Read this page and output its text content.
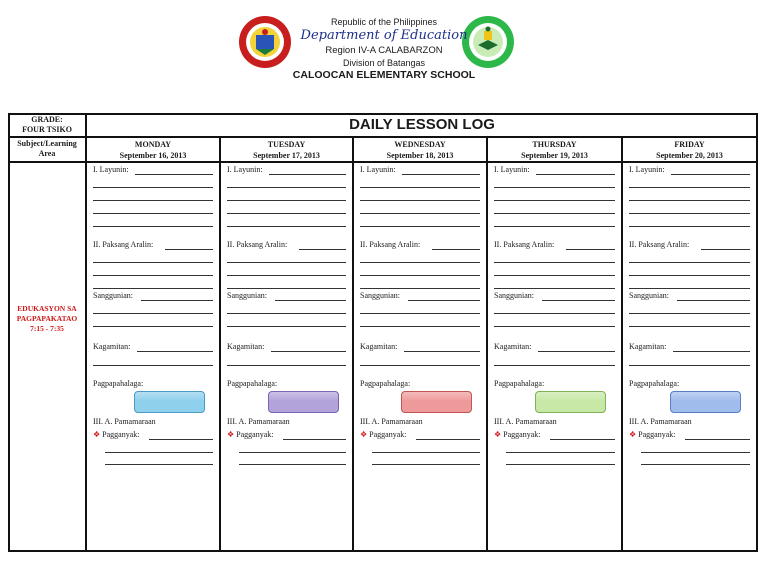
Republic of the Philippines
Department of Education
Region IV-A CALABARZON
Division of Batangas
CALOOCAN ELEMENTARY SCHOOL
GRADE:
FOUR TSIKO	DAILY LESSON LOG
Subject/Learning
Area
MONDAY
September 16, 2013
TUESDAY
September 17, 2013
WEDNESDAY
September 18, 2013
THURSDAY
September 19, 2013
FRIDAY
September 20, 2013
EDUKASYON SA
PAGPAPAKATAO
7:15 - 7:35
I. Layunin:
II. Paksang Aralin:
Sanggunian:
Kagamitan:
Pagpapahalaga:
III. A. Pamamaraan
❖ Pagganyak:
I. Layunin:
II. Paksang Aralin:
Sanggunian:
Kagamitan:
Pagpapahalaga:
III. A. Pamamaraan
❖ Pagganyak:
I. Layunin:
II. Paksang Aralin:
Sanggunian:
Kagamitan:
Pagpapahalaga:
III. A. Pamamaraan
❖ Pagganyak:
I. Layunin:
II. Paksang Aralin:
Sanggunian:
Kagamitan:
Pagpapahalaga:
III. A. Pamamaraan
❖ Pagganyak:
I. Layunin:
II. Paksang Aralin:
Sanggunian:
Kagamitan:
Pagpapahalaga:
III. A. Pamamaraan
❖ Pagganyak:
